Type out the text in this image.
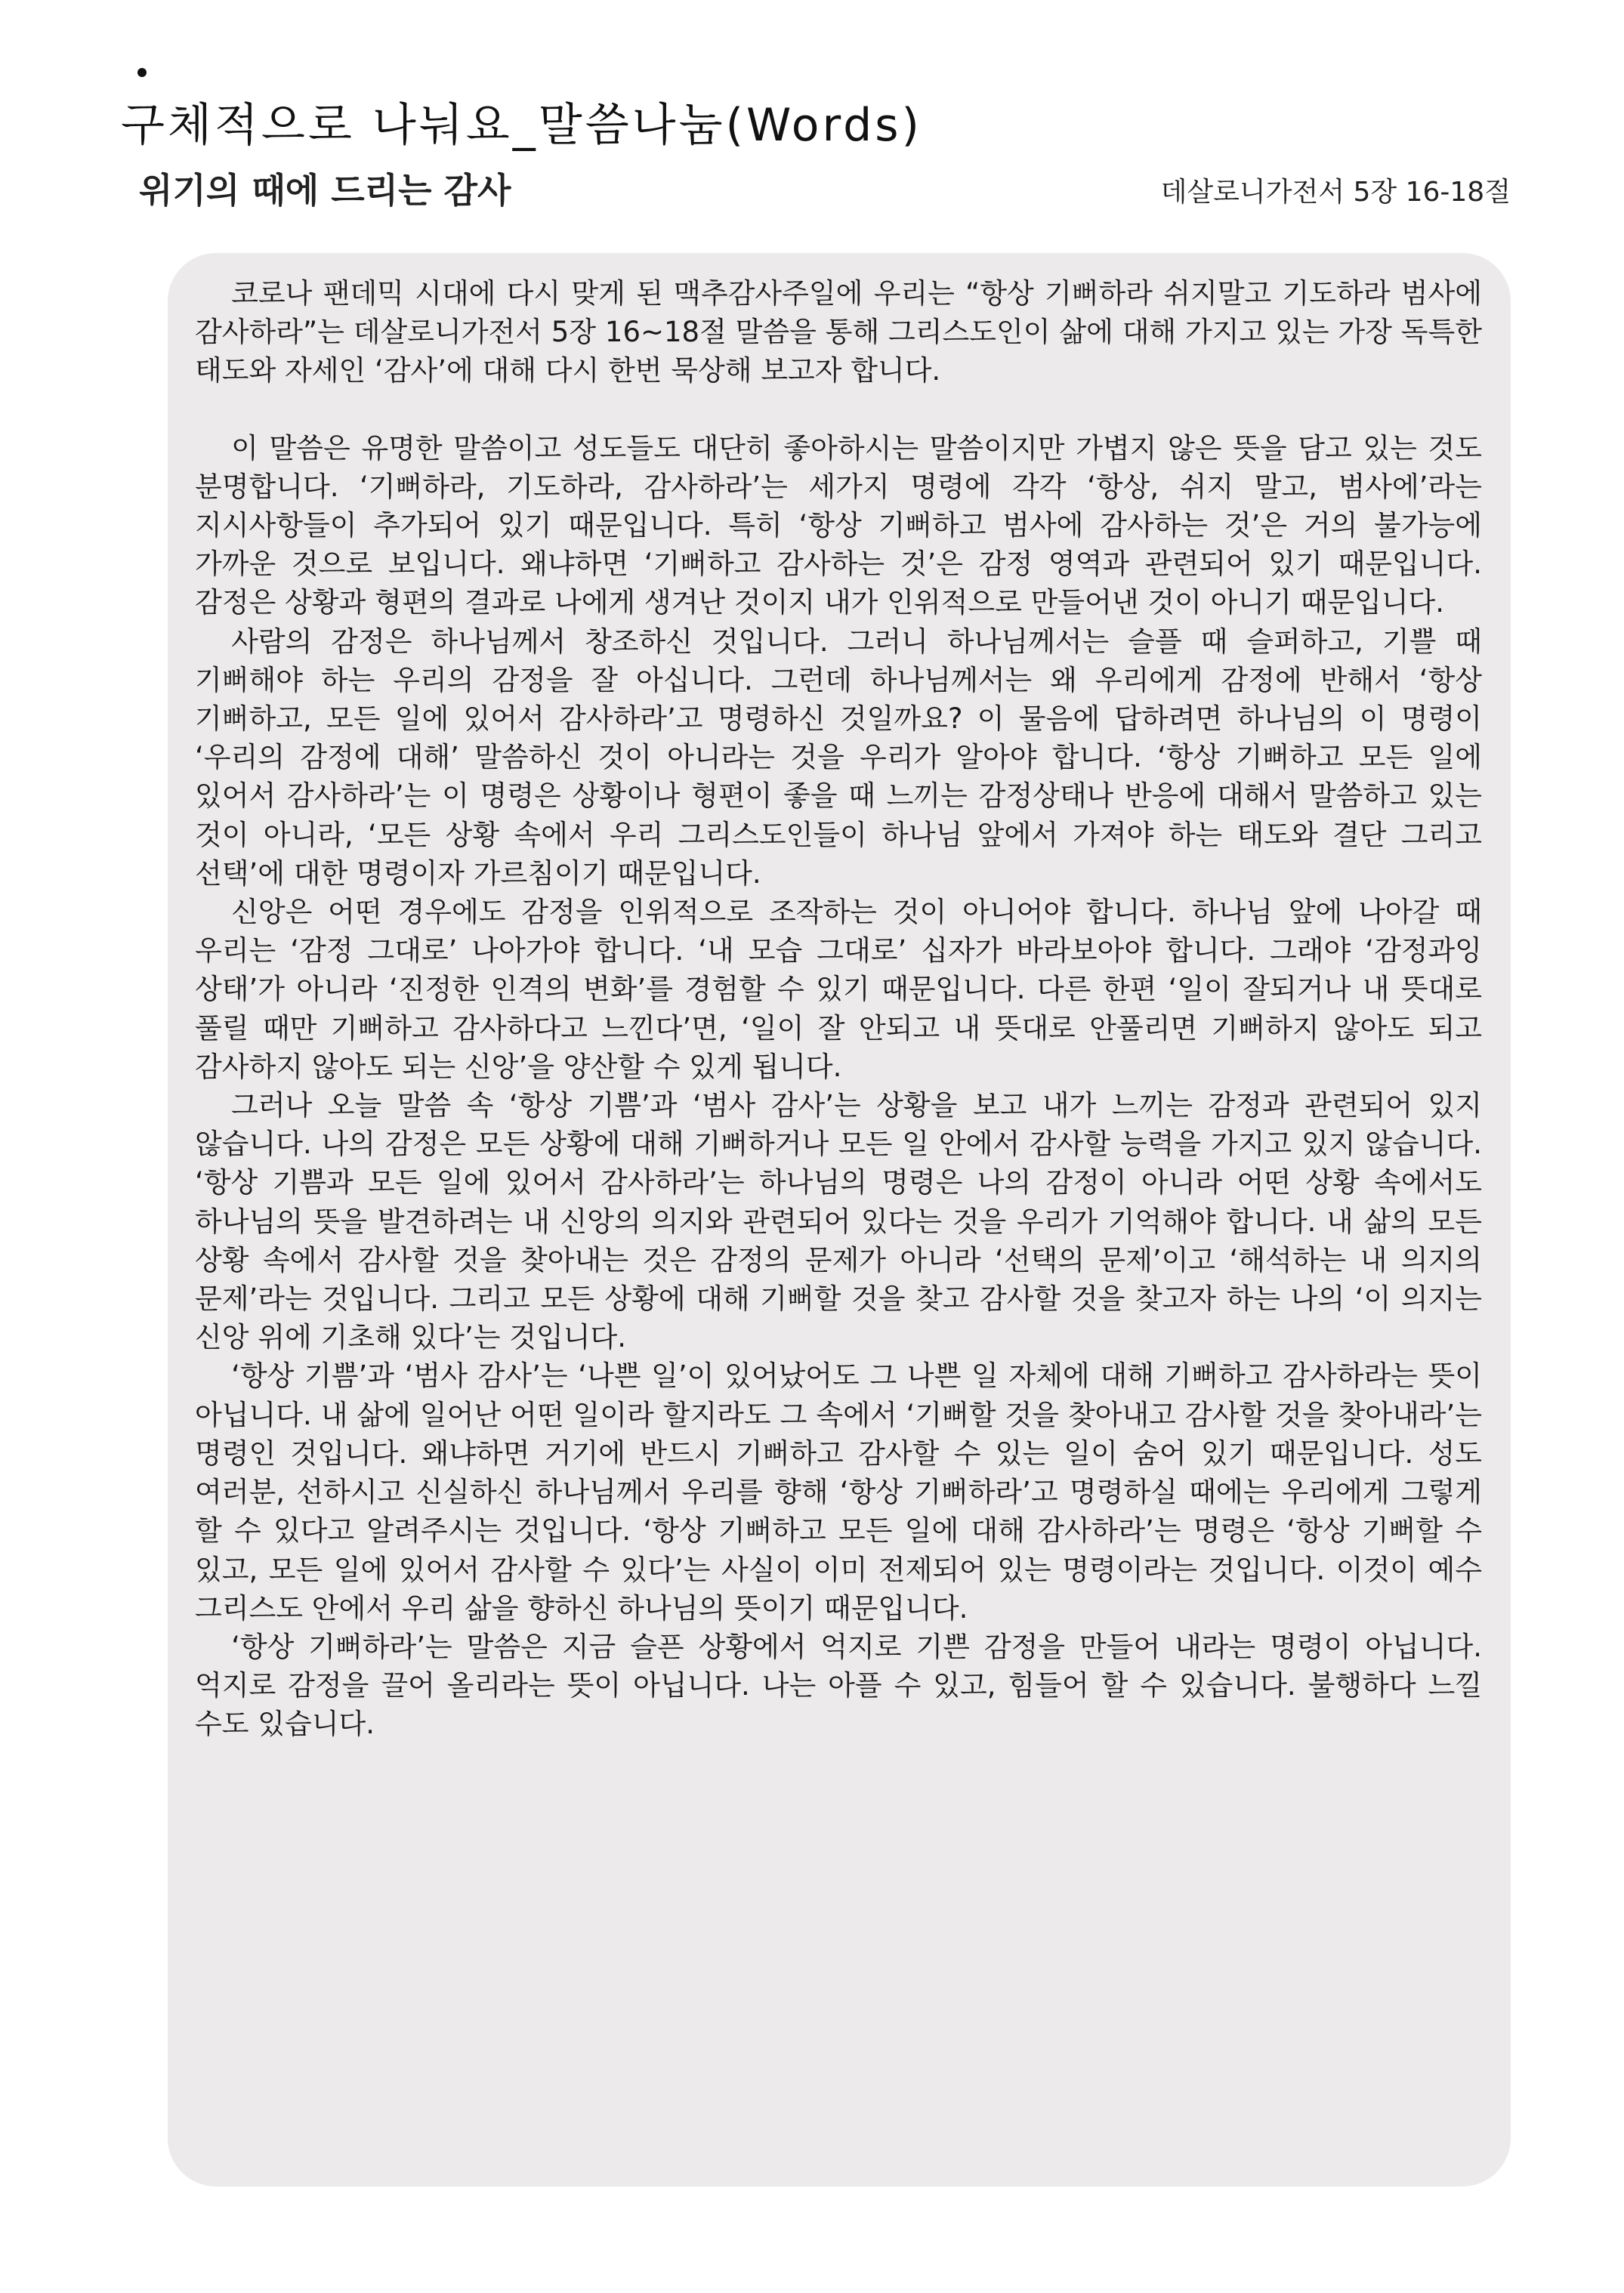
구체적으로 나눠요_말씀나눔(Words)
위기의 때에 드리는 감사	데살로니가전서 5장 16-18절

코로나 팬데믹 시대에 다시 맞게 된 맥추감사주일에 우리는 “항상 기뻐하라 쉬지말고 기도하라 범사에 감사하라”는 데살로니가전서 5장 16~18절 말씀을 통해 그리스도인이 삶에 대해 가지고 있는 가장 독특한 태도와 자세인 ‘감사’에 대해 다시 한번 묵상해 보고자 합니다.

이 말씀은 유명한 말씀이고 성도들도 대단히 좋아하시는 말씀이지만 가볍지 않은 뜻을 담고 있는 것도 분명합니다. ‘기뻐하라, 기도하라, 감사하라’는 세가지 명령에 각각 ‘항상, 쉬지 말고, 범사에’라는 지시사항들이 추가되어 있기 때문입니다. 특히 ‘항상 기뻐하고 범사에 감사하는 것’은 거의 불가능에 가까운 것으로 보입니다. 왜냐하면 ‘기뻐하고 감사하는 것’은 감정 영역과 관련되어 있기 때문입니다. 감정은 상황과 형편의 결과로 나에게 생겨난 것이지 내가 인위적으로 만들어낸 것이 아니기 때문입니다.

사람의 감정은 하나님께서 창조하신 것입니다. 그러니 하나님께서는 슬플 때 슬퍼하고, 기쁠 때 기뻐해야 하는 우리의 감정을 잘 아십니다. 그런데 하나님께서는 왜 우리에게 감정에 반해서 ‘항상 기뻐하고, 모든 일에 있어서 감사하라’고 명령하신 것일까요? 이 물음에 답하려면 하나님의 이 명령이 ‘우리의 감정에 대해’ 말씀하신 것이 아니라는 것을 우리가 알아야 합니다. ‘항상 기뻐하고 모든 일에 있어서 감사하라’는 이 명령은 상황이나 형편이 좋을 때 느끼는 감정상태나 반응에 대해서 말씀하고 있는 것이 아니라, ‘모든 상황 속에서 우리 그리스도인들이 하나님 앞에서 가져야 하는 태도와 결단 그리고 선택’에 대한 명령이자 가르침이기 때문입니다.

신앙은 어떤 경우에도 감정을 인위적으로 조작하는 것이 아니어야 합니다. 하나님 앞에 나아갈 때 우리는 ‘감정 그대로’ 나아가야 합니다. ‘내 모습 그대로’ 십자가 바라보아야 합니다. 그래야 ‘감정과잉 상태’가 아니라 ‘진정한 인격의 변화’를 경험할 수 있기 때문입니다. 다른 한편 ‘일이 잘되거나 내 뜻대로 풀릴 때만 기뻐하고 감사하다고 느낀다’면, ‘일이 잘 안되고 내 뜻대로 안풀리면 기뻐하지 않아도 되고 감사하지 않아도 되는 신앙’을 양산할 수 있게 됩니다.

그러나 오늘 말씀 속 ‘항상 기쁨’과 ‘범사 감사’는 상황을 보고 내가 느끼는 감정과 관련되어 있지 않습니다. 나의 감정은 모든 상황에 대해 기뻐하거나 모든 일 안에서 감사할 능력을 가지고 있지 않습니다. ‘항상 기쁨과 모든 일에 있어서 감사하라’는 하나님의 명령은 나의 감정이 아니라 어떤 상황 속에서도 하나님의 뜻을 발견하려는 내 신앙의 의지와 관련되어 있다는 것을 우리가 기억해야 합니다. 내 삶의 모든 상황 속에서 감사할 것을 찾아내는 것은 감정의 문제가 아니라 ‘선택의 문제’이고 ‘해석하는 내 의지의 문제’라는 것입니다. 그리고 모든 상황에 대해 기뻐할 것을 찾고 감사할 것을 찾고자 하는 나의 ‘이 의지는 신앙 위에 기초해 있다’는 것입니다.

‘항상 기쁨’과 ‘범사 감사’는 ‘나쁜 일’이 있어났어도 그 나쁜 일 자체에 대해 기뻐하고 감사하라는 뜻이 아닙니다. 내 삶에 일어난 어떤 일이라 할지라도 그 속에서 ‘기뻐할 것을 찾아내고 감사할 것을 찾아내라’는 명령인 것입니다. 왜냐하면 거기에 반드시 기뻐하고 감사할 수 있는 일이 숨어 있기 때문입니다. 성도 여러분, 선하시고 신실하신 하나님께서 우리를 향해 ‘항상 기뻐하라’고 명령하실 때에는 우리에게 그렇게 할 수 있다고 알려주시는 것입니다. ‘항상 기뻐하고 모든 일에 대해 감사하라’는 명령은 ‘항상 기뻐할 수 있고, 모든 일에 있어서 감사할 수 있다’는 사실이 이미 전제되어 있는 명령이라는 것입니다. 이것이 예수 그리스도 안에서 우리 삶을 향하신 하나님의 뜻이기 때문입니다.

‘항상 기뻐하라’는 말씀은 지금 슬픈 상황에서 억지로 기쁜 감정을 만들어 내라는 명령이 아닙니다. 억지로 감정을 끌어 올리라는 뜻이 아닙니다. 나는 아플 수 있고, 힘들어 할 수 있습니다. 불행하다 느낄 수도 있습니다.
